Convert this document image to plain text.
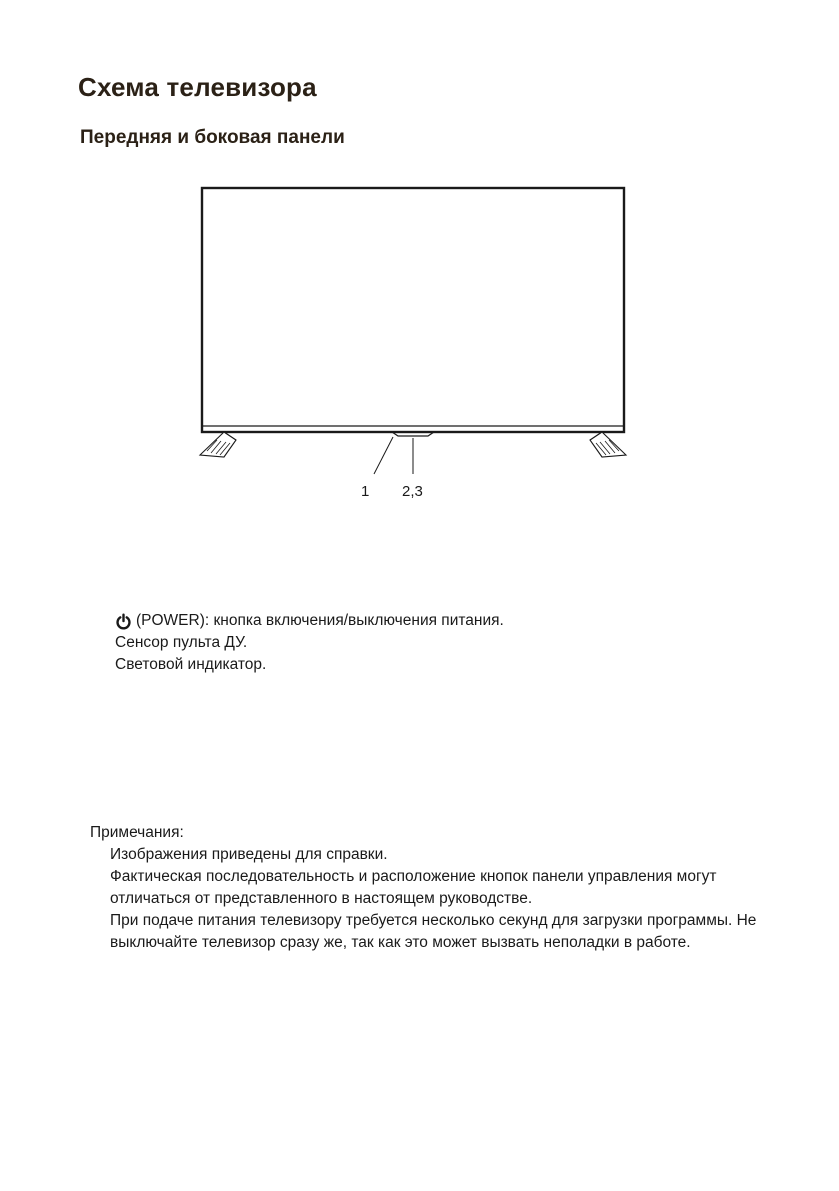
Схема телевизора
Передняя и боковая панели
1 2,3
(POWER): кнопка включения/выключения питания.
Сенсор пульта ДУ.
Световой индикатор.

Примечания:

Изображения приведены для справки.
Фактическая последовательность и расположение кнопок панели управления могут отличаться от представленного в настоящем руководстве.
При подаче питания телевизору требуется несколько секунд для загрузки программы. Не выключайте телевизор сразу же, так как это может вызвать неполадки в работе.
